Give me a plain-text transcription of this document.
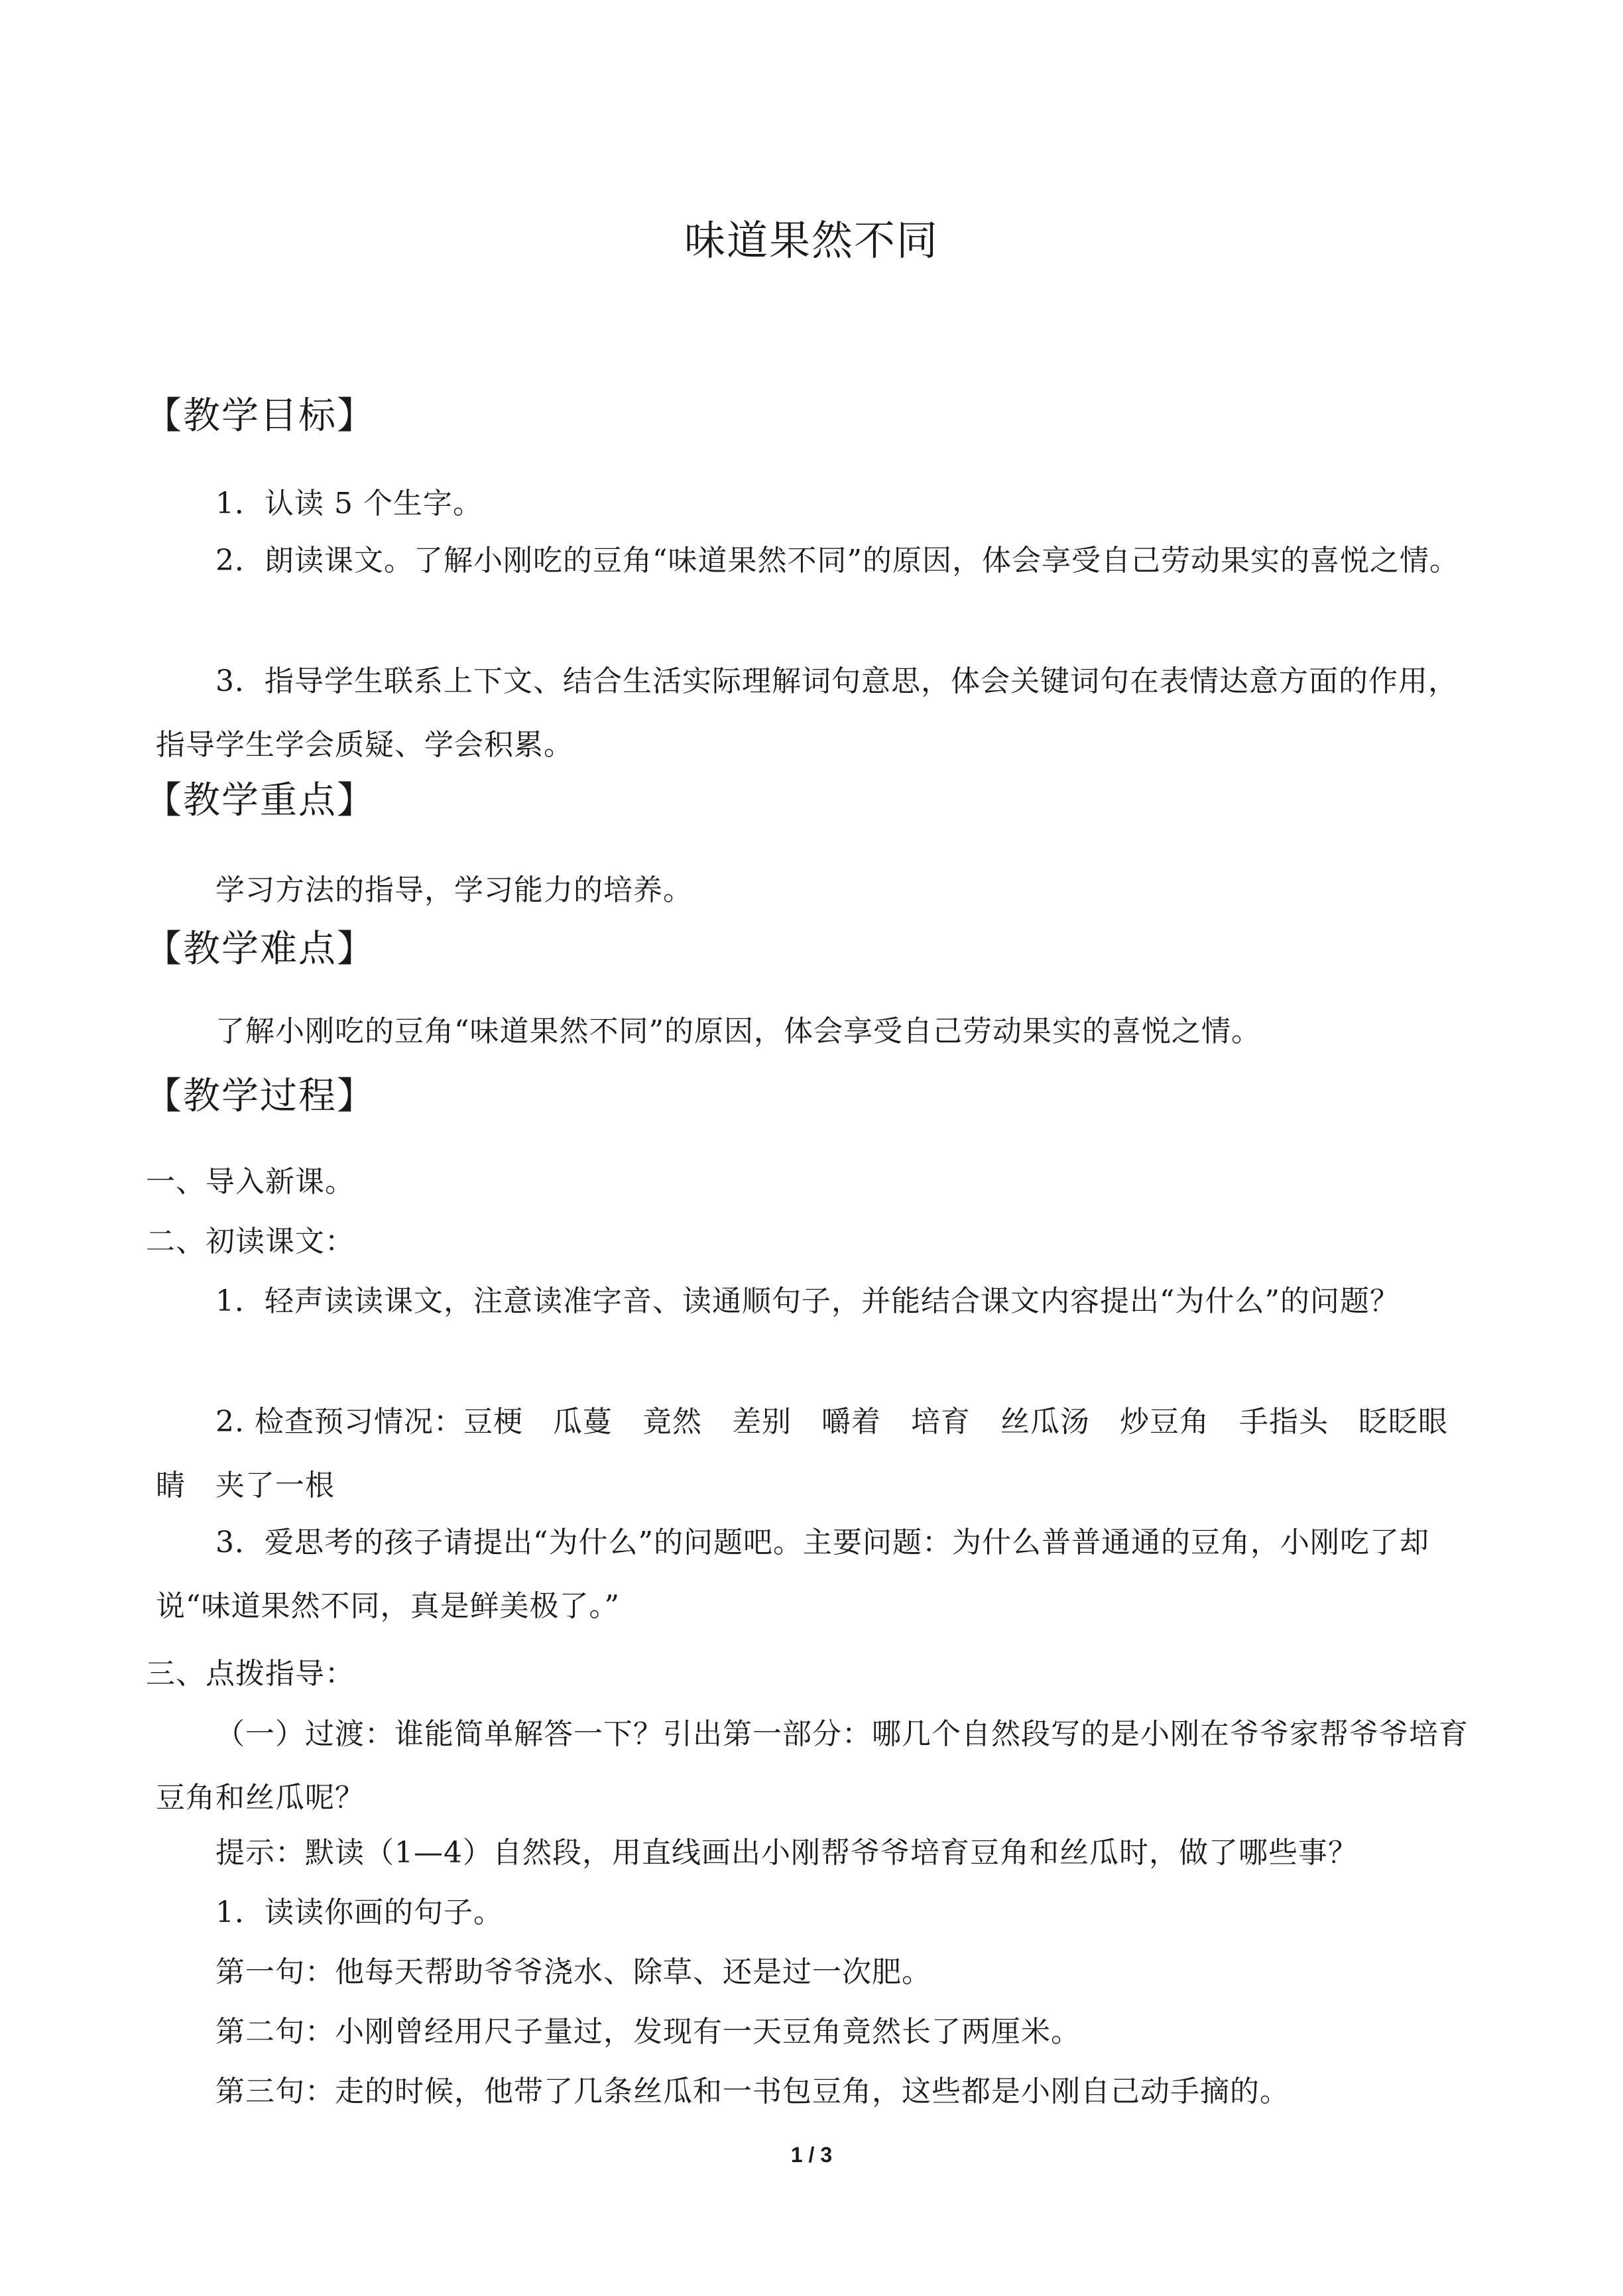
味道果然不同
【教学目标】
1．认读 5 个生字。
2．朗读课文。了解小刚吃的豆角“味道果然不同”的原因，体会享受自己劳动果实的喜悦之情。
3．指导学生联系上下文、结合生活实际理解词句意思，体会关键词句在表情达意方面的作用，指导学生学会质疑、学会积累。
【教学重点】
学习方法的指导，学习能力的培养。
【教学难点】
了解小刚吃的豆角“味道果然不同”的原因，体会享受自己劳动果实的喜悦之情。
【教学过程】
一、导入新课。
二、初读课文：
1．轻声读读课文，注意读准字音、读通顺句子，并能结合课文内容提出“为什么”的问题？
2. 检查预习情况：豆梗　瓜蔓　竟然　差别　嚼着　培育　丝瓜汤　炒豆角　手指头　眨眨眼睛　夹了一根
3．爱思考的孩子请提出“为什么”的问题吧。主要问题：为什么普普通通的豆角，小刚吃了却说“味道果然不同，真是鲜美极了。”
三、点拨指导：
（一）过渡：谁能简单解答一下？引出第一部分：哪几个自然段写的是小刚在爷爷家帮爷爷培育豆角和丝瓜呢？
提示：默读（1—4）自然段，用直线画出小刚帮爷爷培育豆角和丝瓜时，做了哪些事？
1．读读你画的句子。
第一句：他每天帮助爷爷浇水、除草、还是过一次肥。
第二句：小刚曾经用尺子量过，发现有一天豆角竟然长了两厘米。
第三句：走的时候，他带了几条丝瓜和一书包豆角，这些都是小刚自己动手摘的。
1 / 3
